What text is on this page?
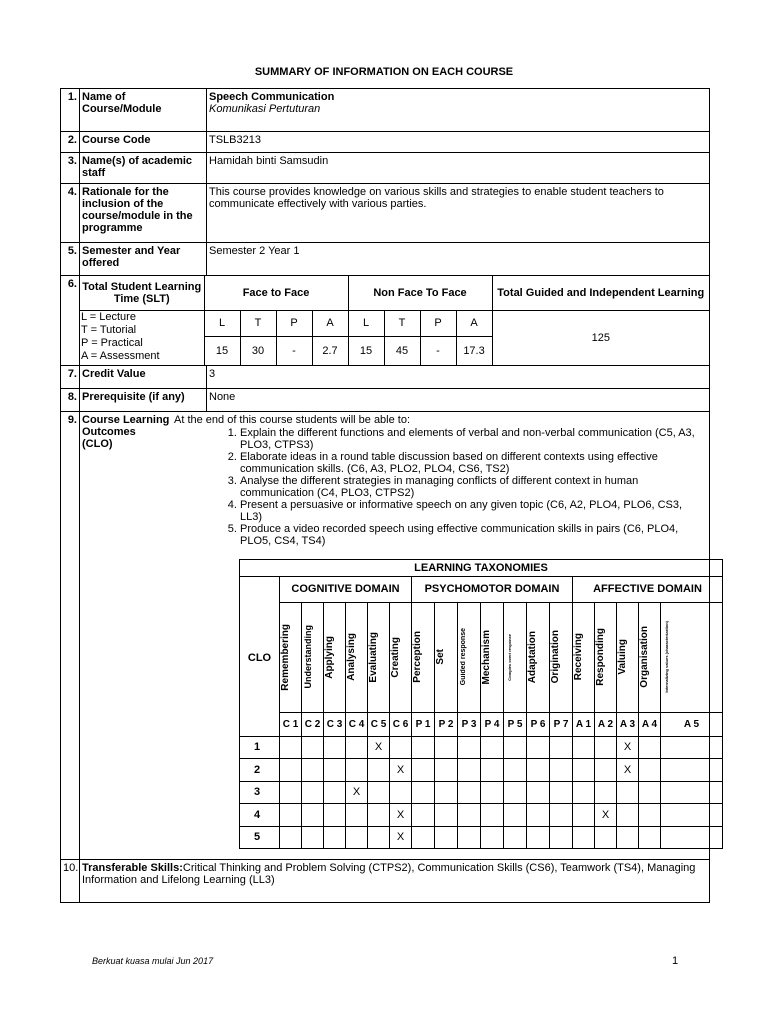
SUMMARY OF INFORMATION ON EACH COURSE
1.	Name of Course/Module	
Speech Communication
Komunikasi Pertuturan

2.	Course Code	TSLB3213

3.	Name(s) of academic staff	
Hamidah binti Samsudin

4.	Rationale for the inclusion of the course/module in the programme
	This course provides knowledge on various skills and strategies to enable student teachers to communicate effectively with various parties.
5.	Semester and Year offered
	Semester 2 Year 1
6.	Total Student Learning Time (SLT)	Face to Face	Non Face To Face	Total Guided and Independent Learning

L = Lecture
T = Tutorial
P = Practical
A = Assessment
	L	T	P	A	L	T	P	A	125
15	30	-	2.7	15	45	-	17.3

7.	Credit Value	3

8.	Prerequisite (if any)	None

9.	Course Learning
Outcomes
(CLO)
At the end of this course students will be able to:
1. Explain the different functions and elements of verbal and non-verbal communication (C5, A3, PLO3, CTPS3)
2. Elaborate ideas in a round table discussion based on different contexts using effective communication skills. (C6, A3, PLO2, PLO4, CS6, TS2)
3. Analyse the different strategies in managing conflicts of different context in human communication (C4, PLO3, CTPS2)
4. Present a persuasive or informative speech on any given topic (C6, A2, PLO4, PLO6, CS3, LL3)
5. Produce a video recorded speech using effective communication skills in pairs (C6, PLO4, PLO5, CS4, TS4)
LEARNING TAXONOMIES
	COGNITIVE DOMAIN	PSYCHOMOTOR DOMAIN	AFFECTIVE DOMAIN

Remembering	Understanding	Applying	Analysing	Evaluating	Creating	Perception	Set	Guided response	Mechanism	Complex overt response	Adaptation	Origination	Receiving	Responding	Valuing	Organisation	Internalizing values (characterization)

CLO
	C 1	C 2	C 3	C 4	C 5	C 6	P 1	P 2	P 3	P 4	P 5	P 6	P 7	A 1	A 2	A 3	A 4	A 5
1					X											X		
2						X										X		
3				X														
4						X									X			
5						X												

10.	Transferable Skills:Critical Thinking and Problem Solving (CTPS2), Communication Skills (CS6), Teamwork (TS4), Managing Information and Lifelong Learning (LL3)
Berkuat kuasa mulai Jun 2017	1
